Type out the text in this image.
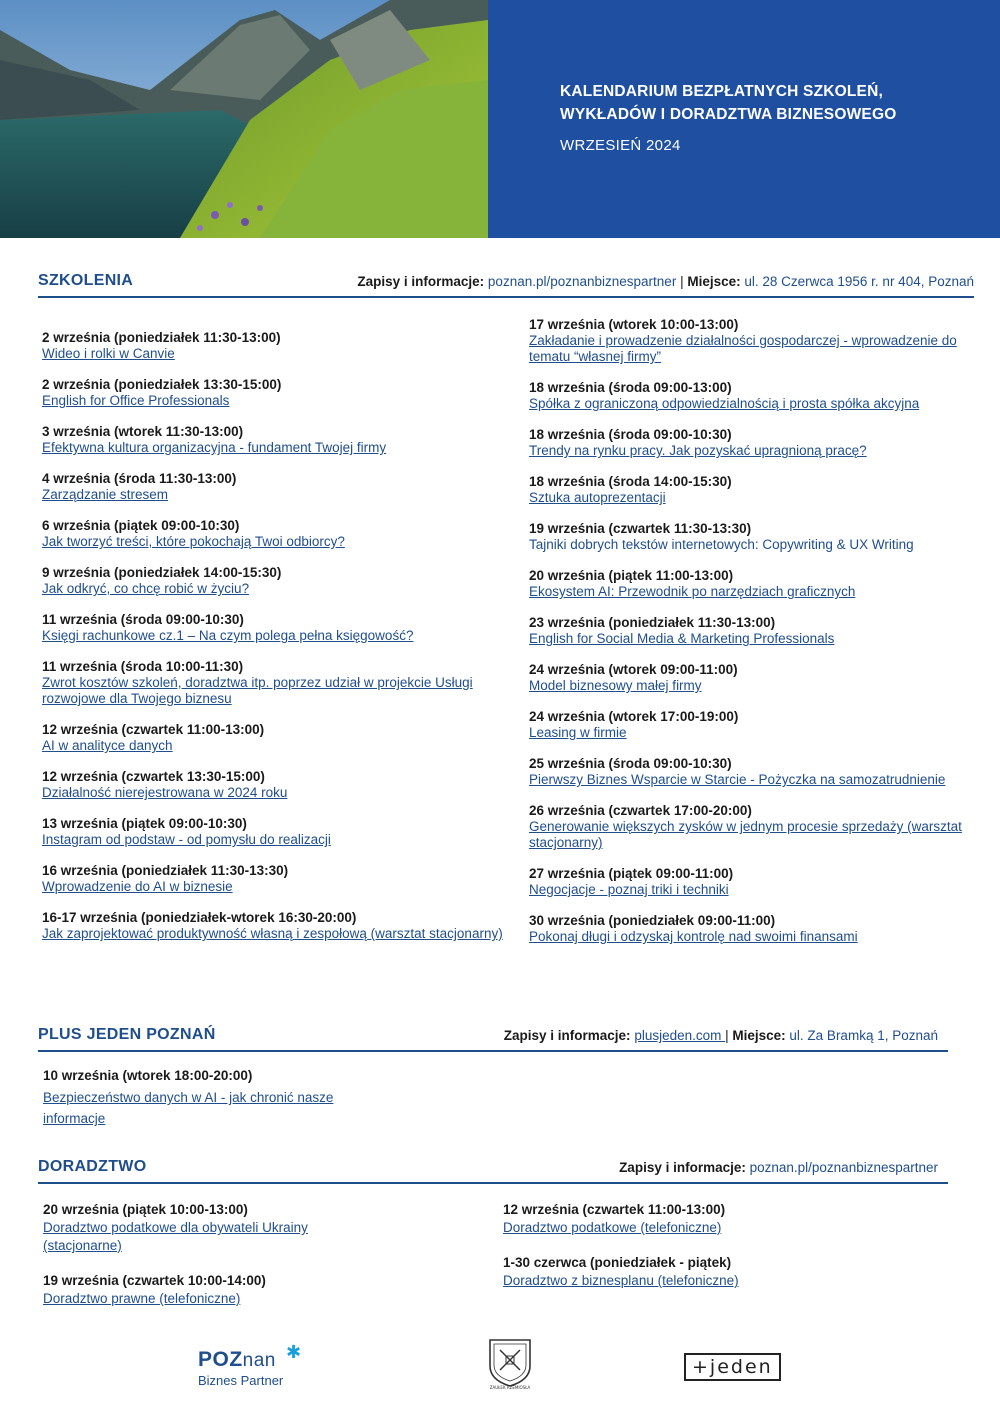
KALENDARIUM BEZPŁATNYCH SZKOLEŃ,
WYKŁADÓW I DORADZTWA BIZNESOWEGO
WRZESIEŃ 2024
SZKOLENIA	Zapisy i informacje: poznan.pl/poznanbiznespartner | Miejsce: ul. 28 Czerwca 1956 r. nr 404, Poznań
2 września (poniedziałek 11:30-13:00)
Wideo i rolki w Canvie
2 września (poniedziałek 13:30-15:00)
English for Office Professionals
3 września (wtorek 11:30-13:00)
Efektywna kultura organizacyjna - fundament Twojej firmy
4 września (środa 11:30-13:00)
Zarządzanie stresem
6 września (piątek 09:00-10:30)
Jak tworzyć treści, które pokochają Twoi odbiorcy?
9 września (poniedziałek 14:00-15:30)
Jak odkryć, co chcę robić w życiu?
11 września (środa 09:00-10:30)
Księgi rachunkowe cz.1 – Na czym polega pełna księgowość?
11 września (środa 10:00-11:30)
Zwrot kosztów szkoleń, doradztwa itp. poprzez udział w projekcie Usługi rozwojowe dla Twojego biznesu
12 września (czwartek 11:00-13:00)
AI w analityce danych
12 września (czwartek 13:30-15:00)
Działalność nierejestrowana w 2024 roku
13 września (piątek 09:00-10:30)
Instagram od podstaw - od pomysłu do realizacji
16 września (poniedziałek 11:30-13:30)
Wprowadzenie do AI w biznesie
16-17 września (poniedziałek-wtorek 16:30-20:00)
Jak zaprojektować produktywność własną i zespołową (warsztat stacjonarny)
17 września (wtorek 10:00-13:00)
Zakładanie i prowadzenie działalności gospodarczej - wprowadzenie do tematu “własnej firmy”
18 września (środa 09:00-13:00)
Spółka z ograniczoną odpowiedzialnością i prosta spółka akcyjna
18 września (środa 09:00-10:30)
Trendy na rynku pracy. Jak pozyskać upragnioną pracę?
18 września (środa 14:00-15:30)
Sztuka autoprezentacji
19 września (czwartek 11:30-13:30)
Tajniki dobrych tekstów internetowych: Copywriting & UX Writing
20 września (piątek 11:00-13:00)
Ekosystem AI: Przewodnik po narzędziach graficznych
23 września (poniedziałek 11:30-13:00)
English for Social Media & Marketing Professionals
24 września (wtorek 09:00-11:00)
Model biznesowy małej firmy
24 września (wtorek 17:00-19:00)
Leasing w firmie
25 września (środa 09:00-10:30)
Pierwszy Biznes Wsparcie w Starcie - Pożyczka na samozatrudnienie
26 września (czwartek 17:00-20:00)
Generowanie większych zysków w jednym procesie sprzedaży (warsztat stacjonarny)
27 września (piątek 09:00-11:00)
Negocjacje - poznaj triki i techniki
30 września (poniedziałek 09:00-11:00)
Pokonaj długi i odzyskaj kontrolę nad swoimi finansami
PLUS JEDEN POZNAŃ	Zapisy i informacje: plusjeden.com | Miejsce: ul. Za Bramką 1, Poznań
10 września (wtorek 18:00-20:00)
Bezpieczeństwo danych w AI - jak chronić nasze informacje
DORADZTWO	Zapisy i informacje: poznan.pl/poznanbiznespartner
20 września (piątek 10:00-13:00)
Doradztwo podatkowe dla obywateli Ukrainy (stacjonarne)
19 września (czwartek 10:00-14:00)
Doradztwo prawne (telefoniczne)
12 września (czwartek 11:00-13:00)
Doradztwo podatkowe (telefoniczne)
1-30 czerwca (poniedziałek - piątek)
Doradztwo z biznesplanu (telefoniczne)
POZnan ✱
Biznes Partner	ZAUŁEK RZEMIOSŁA
+jeden
